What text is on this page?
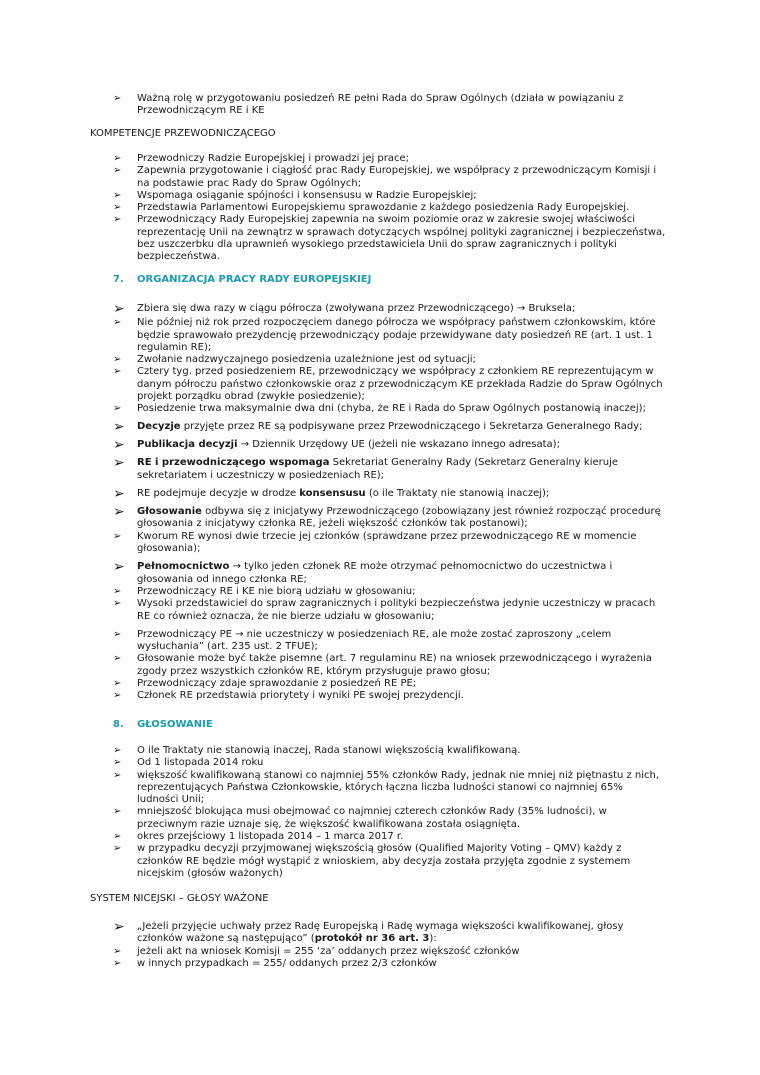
➢ Ważną rolę w przygotowaniu posiedzeń RE pełni Rada do Spraw Ogólnych (działa w powiązaniu z Przewodniczącym RE i KE
KOMPETENCJE PRZEWODNICZĄCEGO
➢ Przewodniczy Radzie Europejskiej i prowadzi jej prace;
➢ Zapewnia przygotowanie i ciągłość prac Rady Europejskiej, we współpracy z przewodniczącym Komisji i na podstawie prac Rady do Spraw Ogólnych;
➢ Wspomaga osiąganie spójności i konsensusu w Radzie Europejskiej;
➢ Przedstawia Parlamentowi Europejskiemu sprawozdanie z każdego posiedzenia Rady Europejskiej.
➢ Przewodniczący Rady Europejskiej zapewnia na swoim poziomie oraz w zakresie swojej właściwości reprezentację Unii na zewnątrz w sprawach dotyczących wspólnej polityki zagranicznej i bezpieczeństwa, bez uszczerbku dla uprawnień wysokiego przedstawiciela Unii do spraw zagranicznych i polityki bezpieczeństwa.
7. ORGANIZACJA PRACY RADY EUROPEJSKIEJ
➢ Zbiera się dwa razy w ciągu półrocza (zwoływana przez Przewodniczącego) → Bruksela;
➢ Nie później niż rok przed rozpoczęciem danego półrocza we współpracy państwem członkowskim, które będzie sprawowało prezydencję przewodniczący podaje przewidywane daty posiedzeń RE (art. 1 ust. 1 regulamin RE);
➢ Zwołanie nadzwyczajnego posiedzenia uzależnione jest od sytuacji;
➢ Cztery tyg. przed posiedzeniem RE, przewodniczący we współpracy z członkiem RE reprezentującym w danym półroczu państwo członkowskie oraz z przewodniczącym KE przekłada Radzie do Spraw Ogólnych projekt porządku obrad (zwykłe posiedzenie);
➢ Posiedzenie trwa maksymalnie dwa dni (chyba, że RE i Rada do Spraw Ogólnych postanowią inaczej);
➢ Decyzje przyjęte przez RE są podpisywane przez Przewodniczącego i Sekretarza Generalnego Rady;
➢ Publikacja decyzji → Dziennik Urzędowy UE (jeżeli nie wskazano innego adresata);
➢ RE i przewodniczącego wspomaga Sekretariat Generalny Rady (Sekretarz Generalny kieruje sekretariatem i uczestniczy w posiedzeniach RE);
➢ RE podejmuje decyzje w drodze konsensusu (o ile Traktaty nie stanowią inaczej);
➢ Głosowanie odbywa się z inicjatywy Przewodniczącego (zobowiązany jest również rozpocząć procedurę głosowania z inicjatywy członka RE, jeżeli większość członków tak postanowi);
➢ Kworum RE wynosi dwie trzecie jej członków (sprawdzane przez przewodniczącego RE w momencie głosowania);
➢ Pełnomocnictwo → tylko jeden członek RE może otrzymać pełnomocnictwo do uczestnictwa i głosowania od innego członka RE;
➢ Przewodniczący RE i KE nie biorą udziału w głosowaniu;
➢ Wysoki przedstawiciel do spraw zagranicznych i polityki bezpieczeństwa jedynie uczestniczy w pracach RE co również oznacza, że nie bierze udziału w głosowaniu;
➢ Przewodniczący PE → nie uczestniczy w posiedzeniach RE, ale może zostać zaproszony „celem wysłuchania” (art. 235 ust. 2 TFUE);
➢ Głosowanie może być także pisemne (art. 7 regulaminu RE) na wniosek przewodniczącego i wyrażenia zgody przez wszystkich członków RE, którym przysługuje prawo głosu;
➢ Przewodniczący zdaje sprawozdanie z posiedzeń RE PE;
➢ Członek RE przedstawia priorytety i wyniki PE swojej prezydencji.
8. GŁOSOWANIE
➢ O ile Traktaty nie stanowią inaczej, Rada stanowi większością kwalifikowaną.
➢ Od 1 listopada 2014 roku
➢ większość kwalifikowaną stanowi co najmniej 55% członków Rady, jednak nie mniej niż piętnastu z nich, reprezentujących Państwa Członkowskie, których łączna liczba ludności stanowi co najmniej 65% ludności Unii;
➢ mniejszość blokująca musi obejmować co najmniej czterech członków Rady (35% ludności), w przeciwnym razie uznaje się, że większość kwalifikowana została osiągnięta.
➢ okres przejściowy 1 listopada 2014 – 1 marca 2017 r.
➢ w przypadku decyzji przyjmowanej większością głosów (Qualified Majority Voting – QMV) każdy z członków RE będzie mógł wystąpić z wnioskiem, aby decyzja została przyjęta zgodnie z systemem nicejskim (głosów ważonych)
SYSTEM NICEJSKI – GŁOSY WAŻONE
➢ „Jeżeli przyjęcie uchwały przez Radę Europejską i Radę wymaga większości kwalifikowanej, głosy członków ważone są następująco” (protokół nr 36 art. 3):
➢ jeżeli akt na wniosek Komisji = 255 ‘za’ oddanych przez większość członków
➢ w innych przypadkach = 255/ oddanych przez 2/3 członków
